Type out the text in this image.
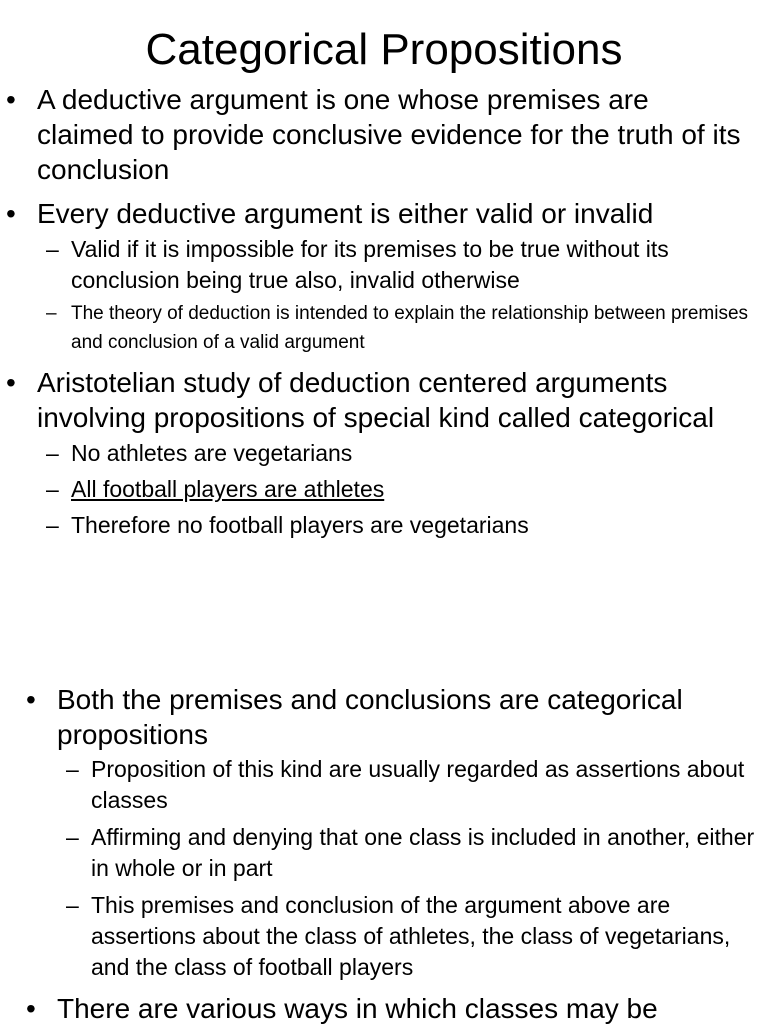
Categorical Propositions
• A deductive argument is one whose premises are claimed to provide conclusive evidence for the truth of its conclusion
• Every deductive argument is either valid or invalid
– Valid if it is impossible for its premises to be true without its conclusion being true also, invalid otherwise
– The theory of deduction is intended to explain the relationship between premises and conclusion of a valid argument
• Aristotelian study of deduction centered arguments involving propositions of special kind called categorical
– No athletes are vegetarians
– All football players are athletes
– Therefore no football players are vegetarians
• Both the premises and conclusions are categorical propositions
– Proposition of this kind are usually regarded as assertions about classes
– Affirming and denying that one class is included in another, either in whole or in part
– This premises and conclusion of the argument above are assertions about the class of athletes, the class of vegetarians, and the class of football players
• There are various ways in which classes may be
